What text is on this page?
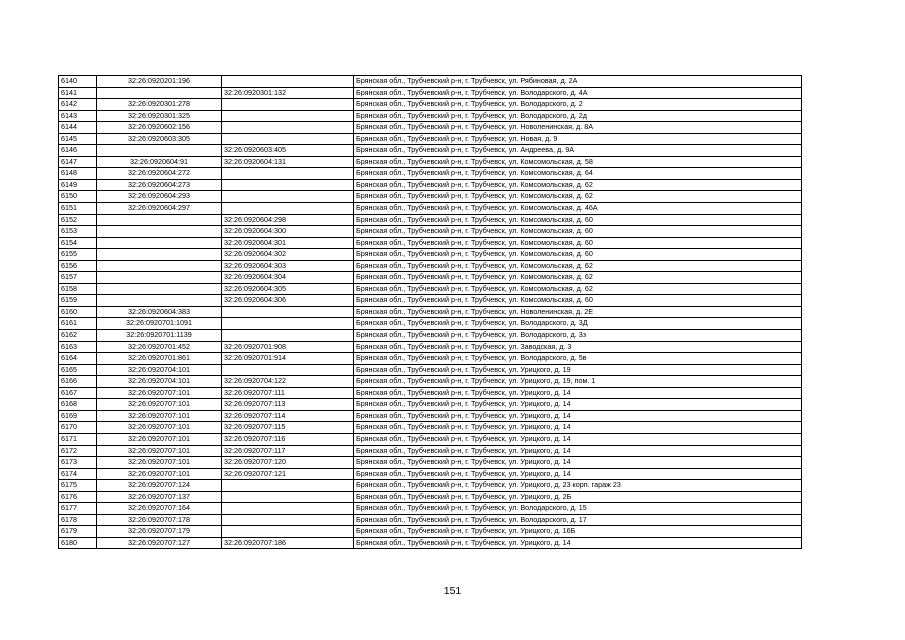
6140	32:26:0920201:196		Брянская обл., Трубчевский р-н, г. Трубчевск, ул. Рябиновая, д. 2А
6141		32:26:0920301:132	Брянская обл., Трубчевский р-н, г. Трубчевск, ул. Володарского, д. 4А
6142	32:26:0920301:278		Брянская обл., Трубчевский р-н, г. Трубчевск, ул. Володарского, д. 2
6143	32:26:0920301:325		Брянская обл., Трубчевский р-н, г. Трубчевск, ул. Володарского, д. 2д
6144	32:26:0920602:156		Брянская обл., Трубчевский р-н, г. Трубчевск, ул. Новоленинская, д. 8А
6145	32:26:0920603:305		Брянская обл., Трубчевский р-н, г. Трубчевск, ул. Новая, д. 9
6146		32:26:0920603:405	Брянская обл., Трубчевский р-н, г. Трубчевск, ул. Андреева, д. 9А
6147	32:26:0920604:91	32:26:0920604:131	Брянская обл., Трубчевский р-н, г. Трубчевск, ул. Комсомольская, д. 58
6148	32:26:0920604:272		Брянская обл., Трубчевский р-н, г. Трубчевск, ул. Комсомольская, д. 64
6149	32:26:0920604:273		Брянская обл., Трубчевский р-н, г. Трубчевск, ул. Комсомольская, д. 62
6150	32:26:0920604:293		Брянская обл., Трубчевский р-н, г. Трубчевск, ул. Комсомольская, д. 62
6151	32:26:0920604:297		Брянская обл., Трубчевский р-н, г. Трубчевск, ул. Комсомольская, д. 46А
6152		32:26:0920604:298	Брянская обл., Трубчевский р-н, г. Трубчевск, ул. Комсомольская, д. 60
6153		32:26:0920604:300	Брянская обл., Трубчевский р-н, г. Трубчевск, ул. Комсомольская, д. 60
6154		32:26:0920604:301	Брянская обл., Трубчевский р-н, г. Трубчевск, ул. Комсомольская, д. 60
6155		32:26:0920604:302	Брянская обл., Трубчевский р-н, г. Трубчевск, ул. Комсомольская, д. 60
6156		32:26:0920604:303	Брянская обл., Трубчевский р-н, г. Трубчевск, ул. Комсомольская, д. 62
6157		32:26:0920604:304	Брянская обл., Трубчевский р-н, г. Трубчевск, ул. Комсомольская, д. 62
6158		32:26:0920604:305	Брянская обл., Трубчевский р-н, г. Трубчевск, ул. Комсомольская, д. 62
6159		32:26:0920604:306	Брянская обл., Трубчевский р-н, г. Трубчевск, ул. Комсомольская, д. 60
6160	32:26:0920604:383		Брянская обл., Трубчевский р-н, г. Трубчевск, ул. Новоленинская, д. 2Е
6161	32:26:0920701:1091		Брянская обл., Трубчевский р-н, г. Трубчевск, ул. Володарского, д. 3Д
6162	32:26:0920701:1139		Брянская обл., Трубчевский р-н, г. Трубчевск, ул. Володарского, д. 3з
6163	32:26:0920701:452	32:26:0920701:908	Брянская обл., Трубчевский р-н, г. Трубчевск, ул. Заводская, д. 3
6164	32:26:0920701:861	32:26:0920701:914	Брянская обл., Трубчевский р-н, г. Трубчевск, ул. Володарского, д. 5в
6165	32:26:0920704:101		Брянская обл., Трубчевский р-н, г. Трубчевск, ул. Урицкого, д. 19
6166	32:26:0920704:101	32:26:0920704:122	Брянская обл., Трубчевский р-н, г. Трубчевск, ул. Урицкого, д. 19, пом. 1
6167	32:26:0920707:101	32:26:0920707:111	Брянская обл., Трубчевский р-н, г. Трубчевск, ул. Урицкого, д. 14
6168	32:26:0920707:101	32:26:0920707:113	Брянская обл., Трубчевский р-н, г. Трубчевск, ул. Урицкого, д. 14
6169	32:26:0920707:101	32:26:0920707:114	Брянская обл., Трубчевский р-н, г. Трубчевск, ул. Урицкого, д. 14
6170	32:26:0920707:101	32:26:0920707:115	Брянская обл., Трубчевский р-н, г. Трубчевск, ул. Урицкого, д. 14
6171	32:26:0920707:101	32:26:0920707:116	Брянская обл., Трубчевский р-н, г. Трубчевск, ул. Урицкого, д. 14
6172	32:26:0920707:101	32:26:0920707:117	Брянская обл., Трубчевский р-н, г. Трубчевск, ул. Урицкого, д. 14
6173	32:26:0920707:101	32:26:0920707:120	Брянская обл., Трубчевский р-н, г. Трубчевск, ул. Урицкого, д. 14
6174	32:26:0920707:101	32:26:0920707:121	Брянская обл., Трубчевский р-н, г. Трубчевск, ул. Урицкого, д. 14
6175	32:26:0920707:124		Брянская обл., Трубчевский р-н, г. Трубчевск, ул. Урицкого, д. 23 корп. гараж 23
6176	32:26:0920707:137		Брянская обл., Трубчевский р-н, г. Трубчевск, ул. Урицкого, д. 2Б
6177	32:26:0920707:164		Брянская обл., Трубчевский р-н, г. Трубчевск, ул. Володарского, д. 15
6178	32:26:0920707:178		Брянская обл., Трубчевский р-н, г. Трубчевск, ул. Володарского, д. 17
6179	32:26:0920707:179		Брянская обл., Трубчевский р-н, г. Трубчевск, ул. Урицкого, д. 16Б
6180	32:26:0920707:127	32:26:0920707:186	Брянская обл., Трубчевский р-н, г. Трубчевск, ул. Урицкого, д. 14
151
